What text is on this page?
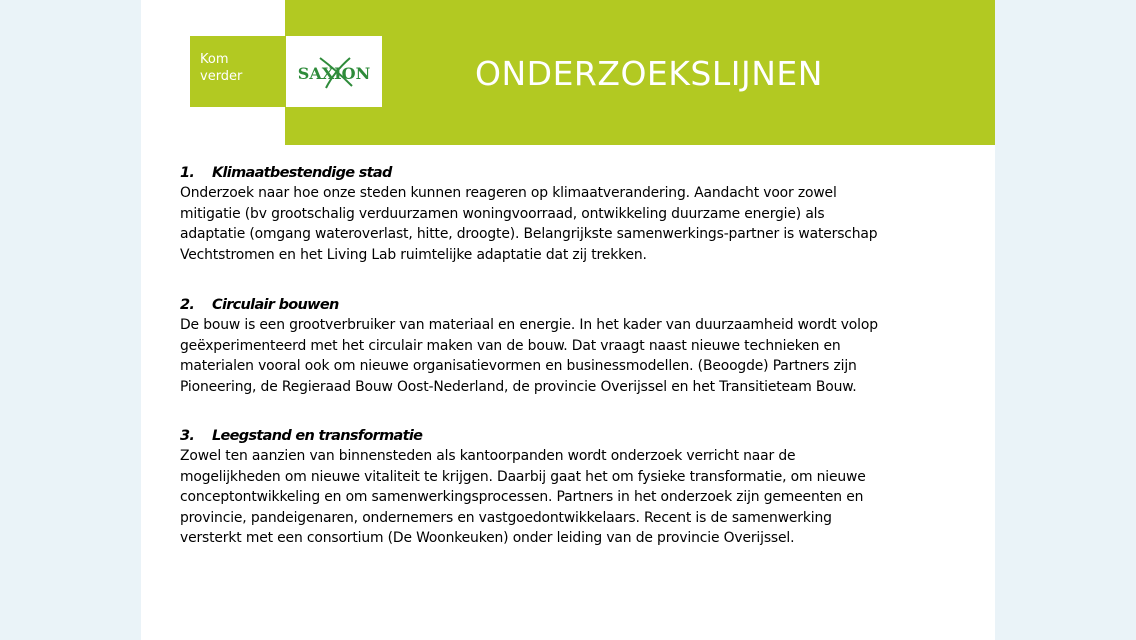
Kom
verder	SAXION	ONDERZOEKSLIJNEN
1. Klimaatbestendige stad
Onderzoek naar hoe onze steden kunnen reageren op klimaatverandering. Aandacht voor zowel
mitigatie (bv grootschalig verduurzamen woningvoorraad, ontwikkeling duurzame energie) als
adaptatie (omgang wateroverlast, hitte, droogte). Belangrijkste samenwerkings-partner is waterschap
Vechtstromen en het Living Lab ruimtelijke adaptatie dat zij trekken.
2. Circulair bouwen
De bouw is een grootverbruiker van materiaal en energie. In het kader van duurzaamheid wordt volop
geëxperimenteerd met het circulair maken van de bouw. Dat vraagt naast nieuwe technieken en
materialen vooral ook om nieuwe organisatievormen en businessmodellen. (Beoogde) Partners zijn
Pioneering, de Regieraad Bouw Oost-Nederland, de provincie Overijssel en het Transitieteam Bouw.
3. Leegstand en transformatie
Zowel ten aanzien van binnensteden als kantoorpanden wordt onderzoek verricht naar de
mogelijkheden om nieuwe vitaliteit te krijgen. Daarbij gaat het om fysieke transformatie, om nieuwe
conceptontwikkeling en om samenwerkingsprocessen. Partners in het onderzoek zijn gemeenten en
provincie, pandeigenaren, ondernemers en vastgoedontwikkelaars. Recent is de samenwerking
versterkt met een consortium (De Woonkeuken) onder leiding van de provincie Overijssel.
